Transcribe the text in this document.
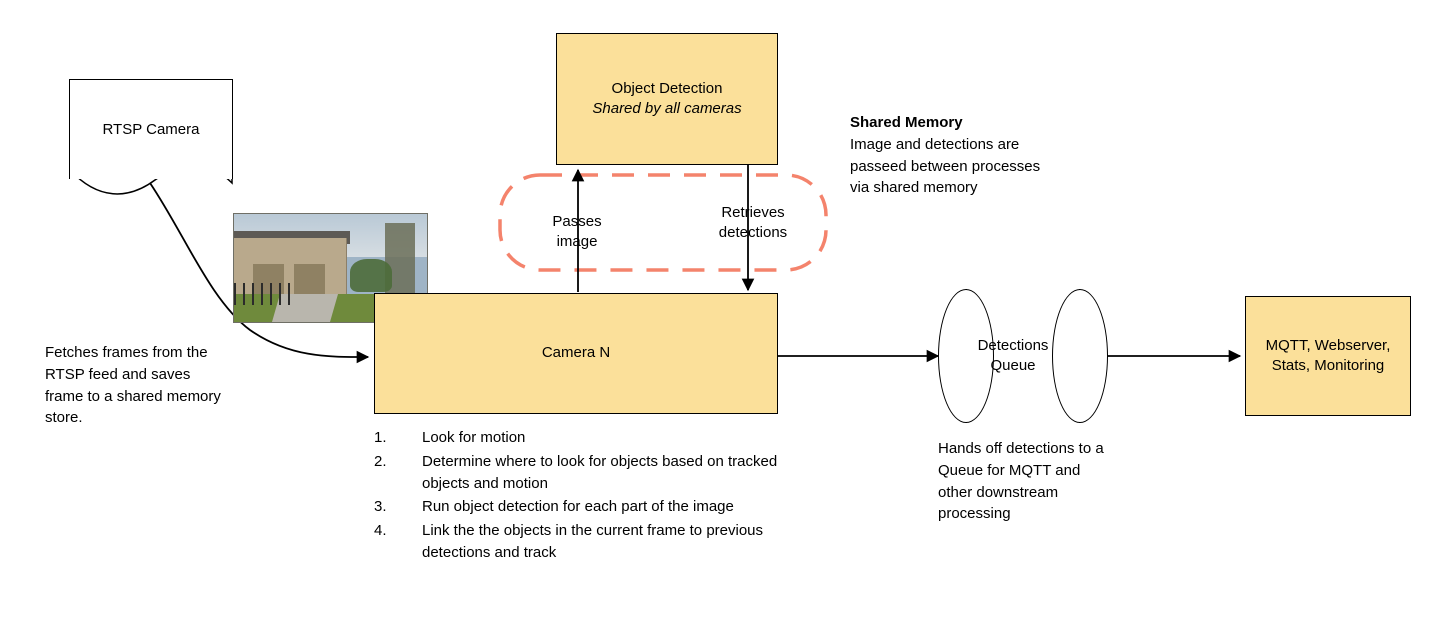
RTSP Camera
Object Detection
Shared by all cameras
Passes
image
Retrieves
detections
Shared Memory
Image and detections are passeed between processes via shared memory
Camera N
1.	Look for motion
2.	Determine where to look for objects based on tracked objects and motion
3.	Run object detection for each part of the image
4.	Link the the objects in the current frame to previous detections and track
Fetches frames from the RTSP feed and saves frame to a shared memory store.
Detections
Queue
Hands off detections to a Queue for MQTT and other downstream processing
MQTT, Webserver,
Stats, Monitoring
